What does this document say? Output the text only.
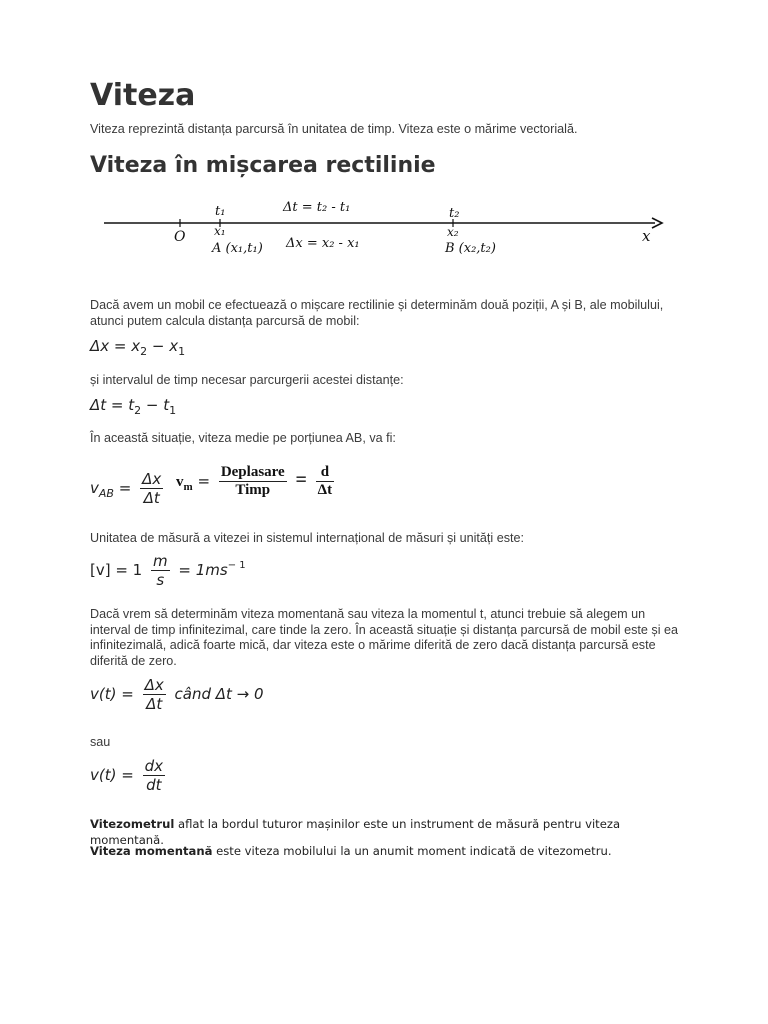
Viteza

Viteza reprezintă distanța parcursă în unitatea de timp. Viteza este o mărime vectorială.

Viteza în mișcarea rectilinie
t₁
x₁
O
A (x₁,t₁)
Δt = t₂ - t₁
Δx = x₂ - x₁
t₂
x₂
B (x₂,t₂)
x

Dacă avem un mobil ce efectuează o mișcare rectilinie și determinăm două poziții, A și B, ale mobilului, atunci putem calcula distanța parcursă de mobil:

$\Delta x = x_2 - x_1$

și intervalul de timp necesar parcurgerii acestei distanțe:

$\Delta t = t_2 - t_1$

În această situație, viteza medie pe porțiunea AB, va fi:

$v_{AB} = \frac{\Delta x}{\Delta t} v_m = \frac{\text{Deplasare}}{\text{Timp}} = \frac{d}{\Delta t}$

Unitatea de măsură a vitezei in sistemul internațional de măsuri și unități este:

$[v] = 1 \frac{m}{s} = 1ms^{- 1}$

Dacă vrem să determinăm viteza momentană sau viteza la momentul t, atunci trebuie să alegem un interval de timp infinitezimal, care tinde la zero. În această situație și distanța parcursă de mobil este și ea infinitezimală, adică foarte mică, dar viteza este o mărime diferită de zero dacă distanța parcursă este diferită de zero.

$v(t) = \frac{\Delta x}{\Delta t}$ când Δt → 0

sau

$v(t) = \frac{dx}{dt}$

Vitezometrul aflat la bordul tuturor mașinilor este un instrument de măsură pentru viteza momentană.

Viteza momentană este viteza mobilului la un anumit moment indicată de vitezometru.
